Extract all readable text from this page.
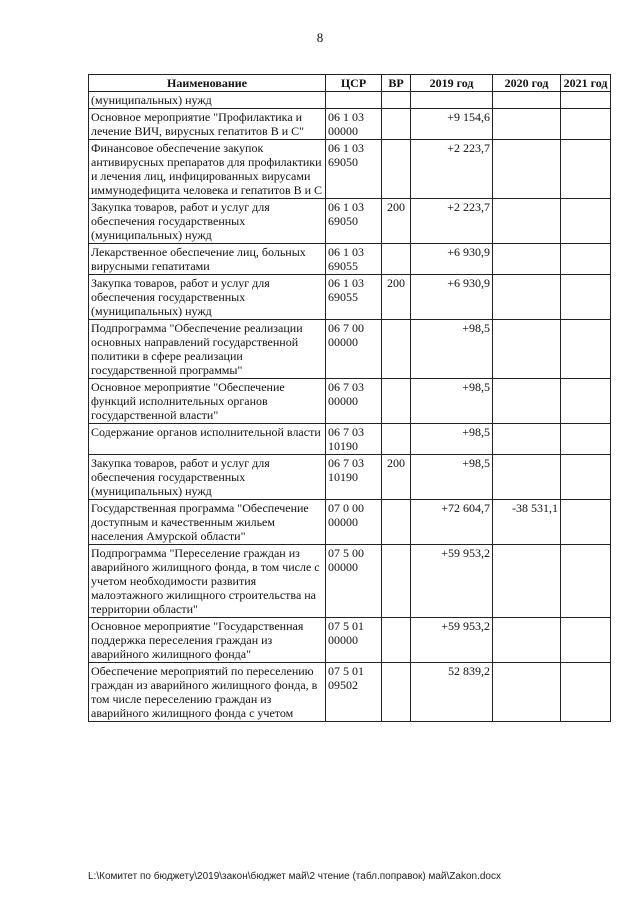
8
Наименование	ЦСР	ВР	2019 год	2020 год	2021 год
(муниципальных) нужд					
Основное мероприятие "Профилактика и лечение ВИЧ, вирусных гепатитов В и С"	06 1 03 00000		+9 154,6		
Финансовое обеспечение закупок антивирусных препаратов для профилактики и лечения лиц, инфицированных вирусами иммунодефицита человека и гепатитов В и С	06 1 03 69050		+2 223,7		
Закупка товаров, работ и услуг для обеспечения государственных (муниципальных) нужд	06 1 03 69050	200	+2 223,7		
Лекарственное обеспечение лиц, больных вирусными гепатитами	06 1 03 69055		+6 930,9		
Закупка товаров, работ и услуг для обеспечения государственных (муниципальных) нужд	06 1 03 69055	200	+6 930,9		
Подпрограмма "Обеспечение реализации основных направлений государственной политики в сфере реализации государственной программы"	06 7 00 00000		+98,5		
Основное мероприятие "Обеспечение функций исполнительных органов государственной власти"	06 7 03 00000		+98,5		
Содержание органов исполнительной власти	06 7 03 10190		+98,5		
Закупка товаров, работ и услуг для обеспечения государственных (муниципальных) нужд	06 7 03 10190	200	+98,5		
Государственная программа "Обеспечение доступным и качественным жильем населения Амурской области"	07 0 00 00000		+72 604,7	-38 531,1	
Подпрограмма "Переселение граждан из аварийного жилищного фонда, в том числе с учетом необходимости развития малоэтажного жилищного строительства на территории области"	07 5 00 00000		+59 953,2		
Основное мероприятие "Государственная поддержка переселения граждан из аварийного жилищного фонда"	07 5 01 00000		+59 953,2		
Обеспечение мероприятий по переселению граждан из аварийного жилищного фонда, в том числе переселению граждан из аварийного жилищного фонда с учетом	07 5 01 09502		52 839,2		
L:\Комитет по бюджету\2019\закон\бюджет май\2 чтение (табл.поправок) май\Zakon.docx
